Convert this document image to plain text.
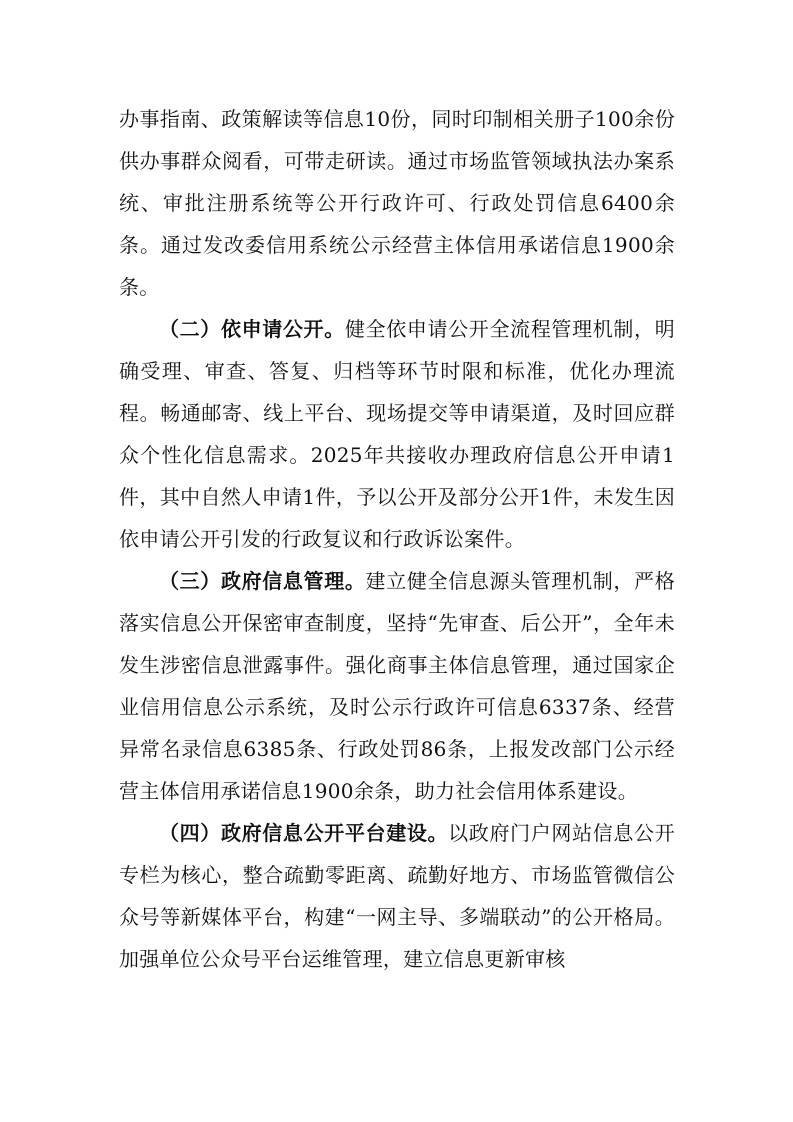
办事指南、政策解读等信息10份，同时印制相关册子100余份供办事群众阅看，可带走研读。通过市场监管领域执法办案系统、审批注册系统等公开行政许可、行政处罚信息6400余条。通过发改委信用系统公示经营主体信用承诺信息1900余条。

（二）依申请公开。健全依申请公开全流程管理机制，明确受理、审查、答复、归档等环节时限和标准，优化办理流程。畅通邮寄、线上平台、现场提交等申请渠道，及时回应群众个性化信息需求。2025年共接收办理政府信息公开申请1件，其中自然人申请1件，予以公开及部分公开1件，未发生因依申请公开引发的行政复议和行政诉讼案件。

（三）政府信息管理。建立健全信息源头管理机制，严格落实信息公开保密审查制度，坚持“先审查、后公开”，全年未发生涉密信息泄露事件。强化商事主体信息管理，通过国家企业信用信息公示系统，及时公示行政许可信息6337条、经营异常名录信息6385条、行政处罚86条，上报发改部门公示经营主体信用承诺信息1900余条，助力社会信用体系建设。

（四）政府信息公开平台建设。以政府门户网站信息公开专栏为核心，整合疏勤零距离、疏勤好地方、市场监管微信公众号等新媒体平台，构建“一网主导、多端联动”的公开格局。加强单位公众号平台运维管理，建立信息更新审核
